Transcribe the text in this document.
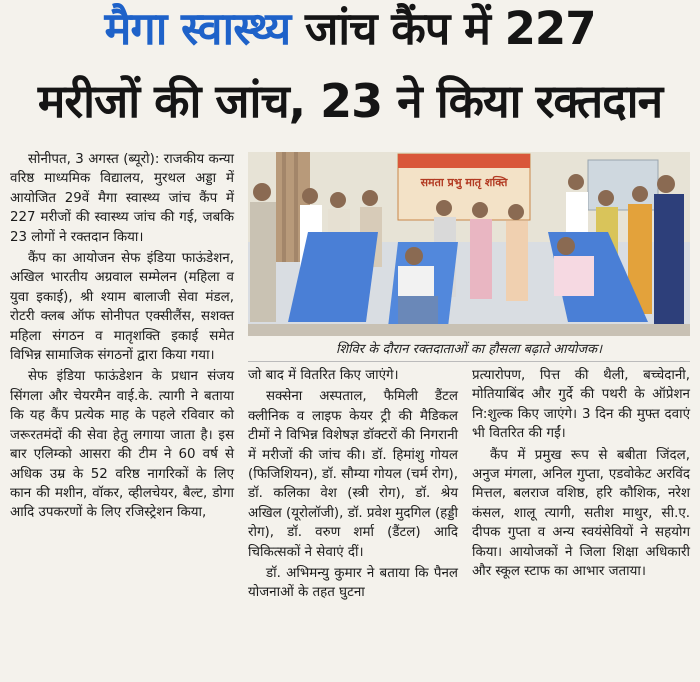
मैगा स्वास्थ्य जांच कैंप में 227
मरीजों की जांच, 23 ने किया रक्तदान

सोनीपत, 3 अगस्त (ब्यूरो): राजकीय कन्या वरिष्ठ माध्यमिक विद्यालय, मुरथल अड्डा में आयोजित 29वें मैगा स्वास्थ्य जांच कैंप में 227 मरीजों की स्वास्थ्य जांच की गई, जबकि 23 लोगों ने रक्तदान किया।

कैंप का आयोजन सेफ इंडिया फाऊंडेशन, अखिल भारतीय अग्रवाल सम्मेलन (महिला व युवा इकाई), श्री श्याम बालाजी सेवा मंडल, रोटरी क्लब ऑफ सोनीपत एक्सीलैंस, सशक्त महिला संगठन व मातृशक्ति इकाई समेत विभिन्न सामाजिक संगठनों द्वारा किया गया।

सेफ इंडिया फाऊंडेशन के प्रधान संजय सिंगला और चेयरमैन वाई.के. त्यागी ने बताया कि यह कैंप प्रत्येक माह के पहले रविवार को जरूरतमंदों की सेवा हेतु लगाया जाता है। इस बार एलिम्को आसरा की टीम ने 60 वर्ष से अधिक उम्र के 52 वरिष्ठ नागरिकों के लिए कान की मशीन, वॉकर, व्हीलचेयर, बैल्ट, डोगा आदि उपकरणों के लिए रजिस्ट्रेशन किया,

समता प्रभु मातृ शक्ति
शिविर के दौरान रक्तदाताओं का हौसला बढ़ाते आयोजक।

जो बाद में वितरित किए जाएंगे।

सक्सेना अस्पताल, फैमिली डैंटल क्लीनिक व लाइफ केयर ट्री की मैडिकल टीमों ने विभिन्न विशेषज्ञ डॉक्टरों की निगरानी में मरीजों की जांच की। डॉ. हिमांशु गोयल (फिजिशियन), डॉ. सौम्या गोयल (चर्म रोग), डॉ. कलिका वेश (स्त्री रोग), डॉ. श्रेय अखिल (यूरोलॉजी), डॉ. प्रवेश मुदगिल (हड्डी रोग), डॉ. वरुण शर्मा (डैंटल) आदि चिकित्सकों ने सेवाएं दीं।

डॉ. अभिमन्यु कुमार ने बताया कि पैनल योजनाओं के तहत घुटना

प्रत्यारोपण, पित्त की थैली, बच्चेदानी, मोतियाबिंद और गुर्दे की पथरी के ऑप्रेशन नि:शुल्क किए जाएंगे। 3 दिन की मुफ्त दवाएं भी वितरित की गईं।

कैंप में प्रमुख रूप से बबीता जिंदल, अनुज मंगला, अनिल गुप्ता, एडवोकेट अरविंद मित्तल, बलराज वशिष्ठ, हरि कौशिक, नरेश कंसल, शालू त्यागी, सतीश माथुर, सी.ए. दीपक गुप्ता व अन्य स्वयंसेवियों ने सहयोग किया। आयोजकों ने जिला शिक्षा अधिकारी और स्कूल स्टाफ का आभार जताया।
